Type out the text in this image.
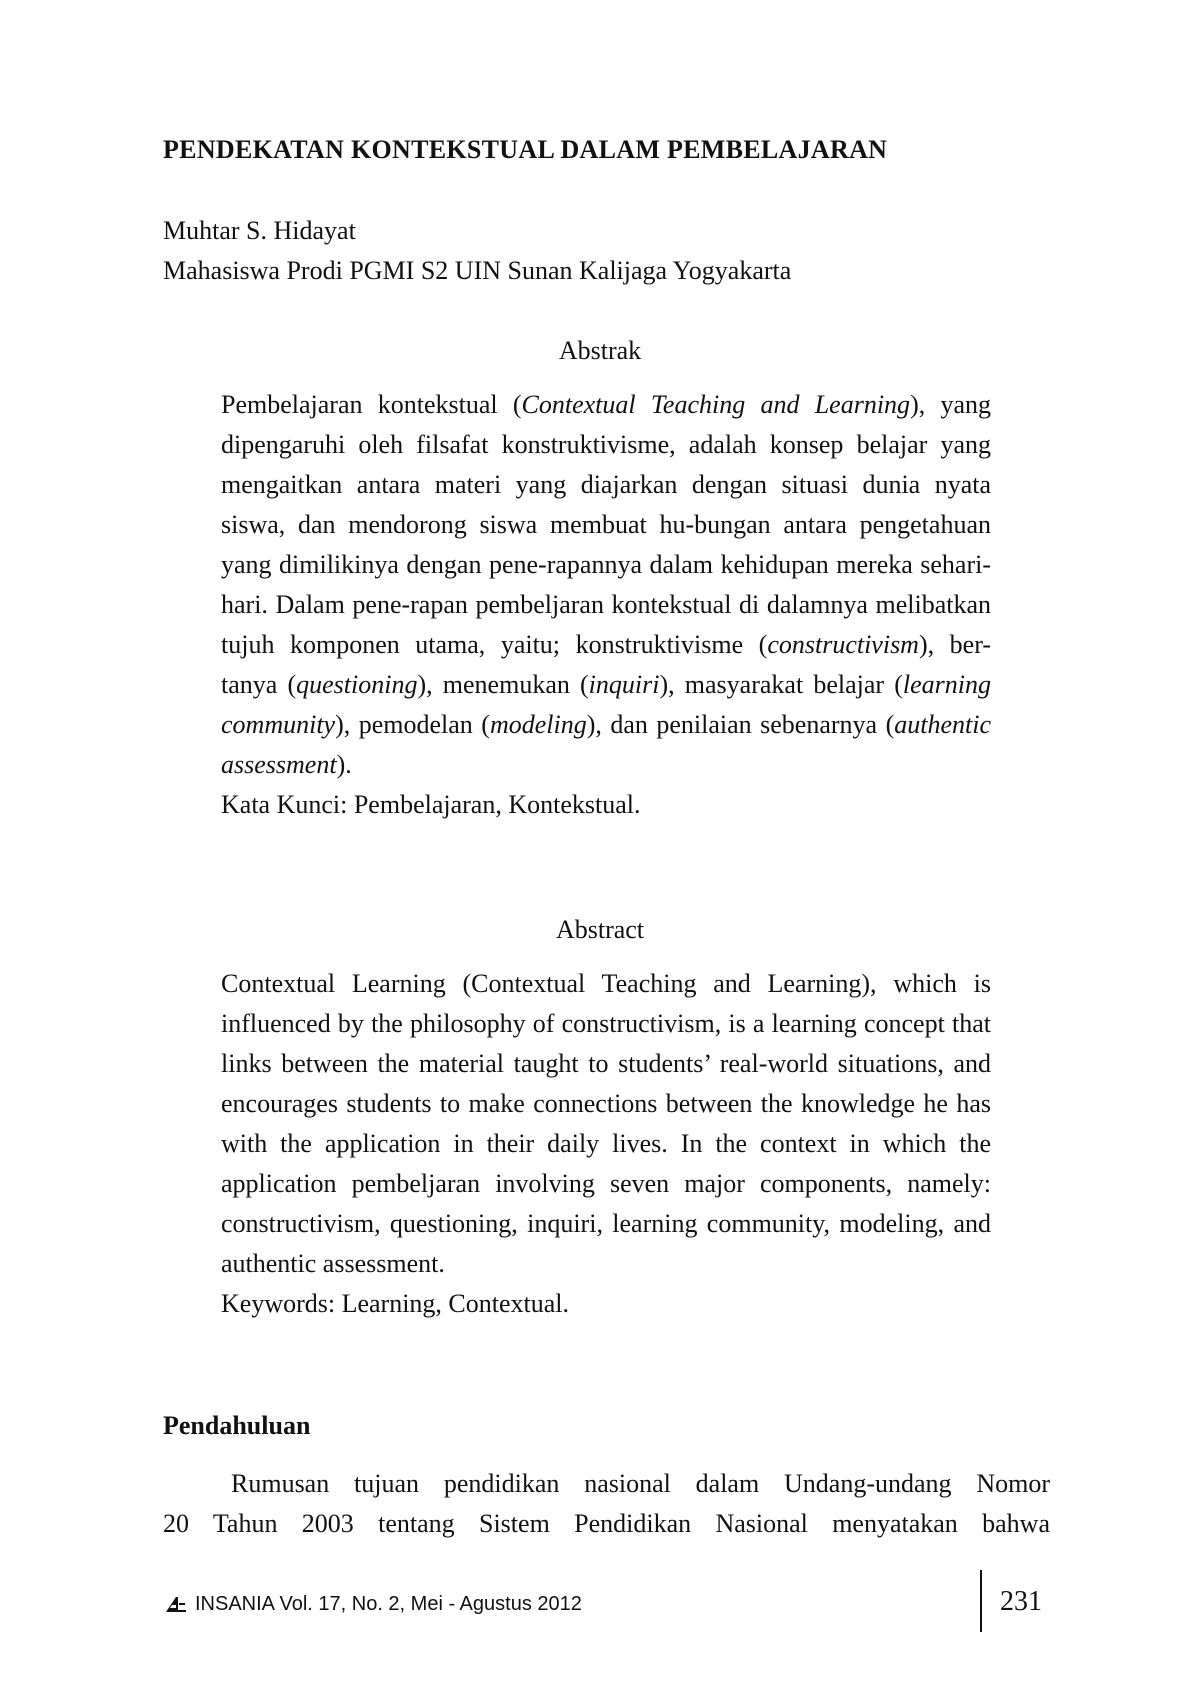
PENDEKATAN KONTEKSTUAL DALAM PEMBELAJARAN
Muhtar S. Hidayat
Mahasiswa Prodi PGMI S2 UIN Sunan Kalijaga Yogyakarta
Abstrak

Pembelajaran kontekstual (Contextual Teaching and Learning), yang dipengaruhi oleh filsafat konstruktivisme, adalah konsep belajar yang mengaitkan antara materi yang diajarkan dengan situasi dunia nyata siswa, dan mendorong siswa membuat hu-bungan antara pengetahuan yang dimilikinya dengan pene-rapannya dalam kehidupan mereka sehari-hari. Dalam pene-rapan pembeljaran kontekstual di dalamnya melibatkan tujuh komponen utama, yaitu; konstruktivisme (constructivism), ber-tanya (questioning), menemukan (inquiri), masyarakat belajar (learning community), pemodelan (modeling), dan penilaian sebenarnya (authentic assessment).

Kata Kunci: Pembelajaran, Kontekstual.
Abstract

Contextual Learning (Contextual Teaching and Learning), which is influenced by the philosophy of constructivism, is a learning concept that links between the material taught to students’ real-world situations, and encourages students to make connections between the knowledge he has with the application in their daily lives. In the context in which the application pembeljaran involving seven major components, namely: constructivism, questioning, inquiri, learning community, modeling, and authentic assessment.

Keywords: Learning, Contextual.
Pendahuluan
Rumusan tujuan pendidikan nasional dalam Undang-undang Nomor
20 Tahun 2003 tentang Sistem Pendidikan Nasional menyatakan bahwa
INSANIA Vol. 17, No. 2, Mei - Agustus 2012	231
